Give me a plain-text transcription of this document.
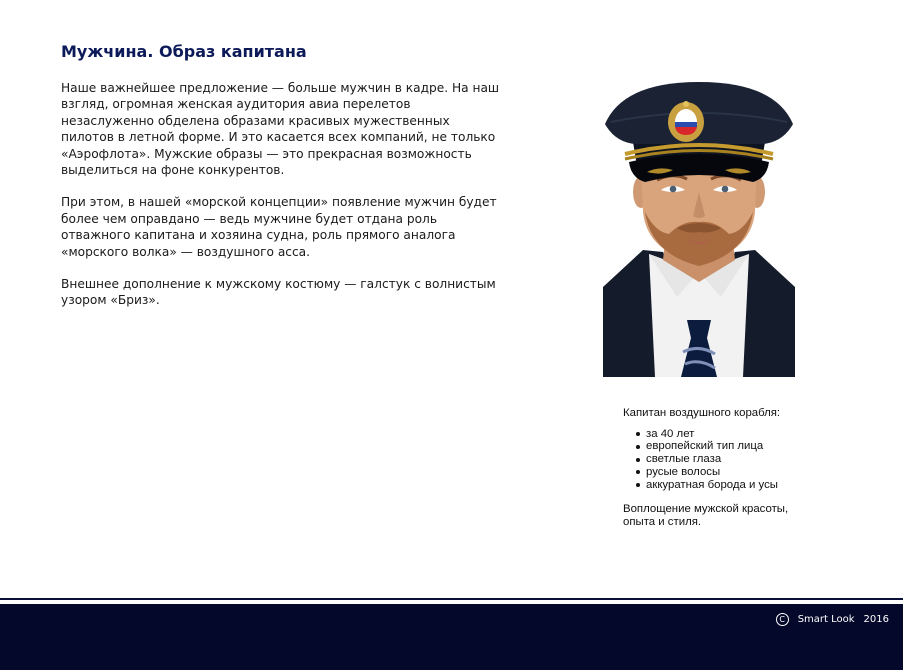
Мужчина. Образ капитана

Наше важнейшее предложение — больше мужчин в кадре. На наш взгляд, огромная женская аудитория авиа перелетов незаслуженно обделена образами красивых мужественных пилотов в летной форме. И это касается всех компаний, не только «Аэрофлота». Мужские образы — это прекрасная возможность выделиться на фоне конкурентов.

При этом, в нашей «морской концепции» появление мужчин будет более чем оправдано — ведь мужчине будет отдана роль отважного капитана и хозяина судна, роль прямого аналога «морского волка» — воздушного асса.

Внешнее дополнение к мужскому костюму — галстук с волнистым узором «Бриз».

Капитан воздушного корабля:

за 40 лет
европейский тип лица
светлые глаза
русые волосы
аккуратная борода и усы

Воплощение мужской красоты, опыта и стиля.

C	Smart Look 2016
